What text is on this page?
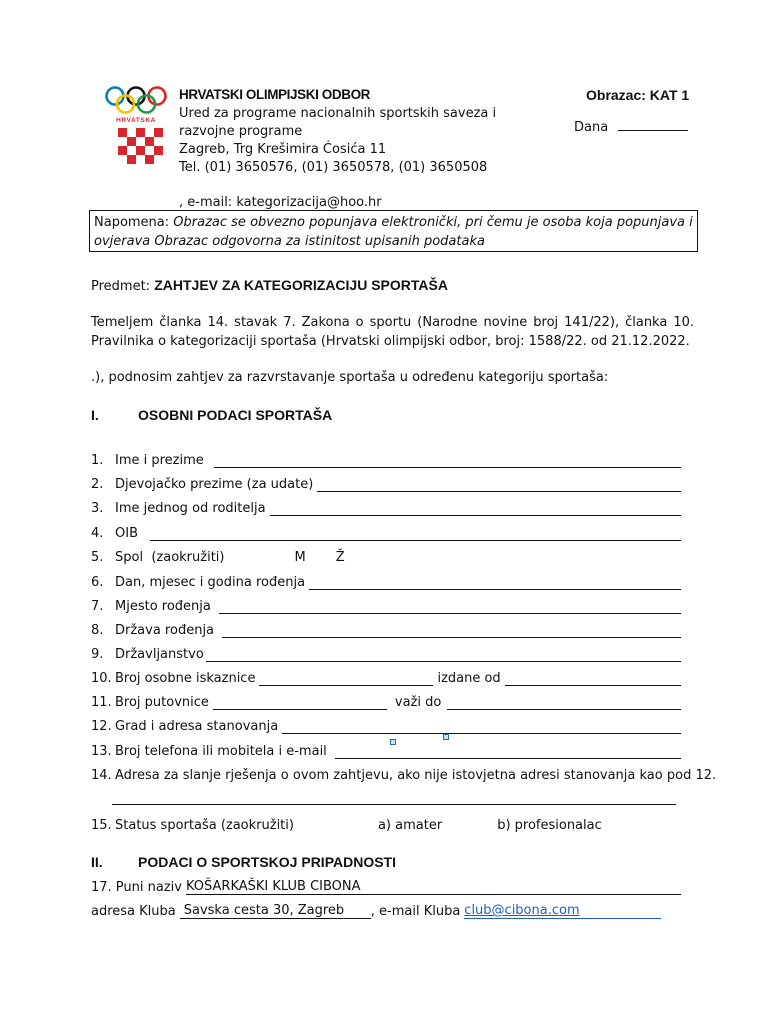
HRVATSKA
HRVATSKI OLIMPIJSKI ODBOR
Ured za programe nacionalnih sportskih saveza i
razvojne programe
Zagreb, Trg Krešimira Ćosića 11
Tel. (01) 3650576, (01) 3650578, (01) 3650508
, e-mail: kategorizacija@hoo.hr
Obrazac: KAT 1
Dana
Napomena: Obrazac se obvezno popunjava elektronički, pri čemu je osoba koja popunjava i
ovjerava Obrazac odgovorna za istinitost upisanih podataka
Predmet: ZAHTJEV ZA KATEGORIZACIJU SPORTAŠA
Temeljem članka 14. stavak 7. Zakona o sportu (Narodne novine broj 141/22), članka 10. Pravilnika o kategorizaciji sportaša (Hrvatski olimpijski odbor, broj: 1588/22. od 21.12.2022.
.), podnosim zahtjev za razvrstavanje sportaša u određenu kategoriju sportaša:
I.	OSOBNI PODACI SPORTAŠA
1. Ime i prezime
2. Djevojačko prezime (za udate)
3. Ime jednog od roditelja
4. OIB
5. Spol  (zaokružiti)	M Ž
6. Dan, mjesec i godina rođenja
7. Mjesto rođenja
8. Država rođenja
9. Državljanstvo
10. Broj osobne iskaznice	izdane od
11. Broj putovnice	važi do
12. Grad i adresa stanovanja
13. Broj telefona ili mobitela i e-mail
14. Adresa za slanje rješenja o ovom zahtjevu, ako nije istovjetna adresi stanovanja kao pod 12.
15. Status sportaša (zaokružiti)	a) amater	b) profesionalac
II.	PODACI O SPORTSKOJ PRIPADNOSTI
17. Puni naziv KOŠARKAŠKI KLUB CIBONA
adresa Kluba Savska cesta 30, Zagreb	, e-mail Kluba club@cibona.com
